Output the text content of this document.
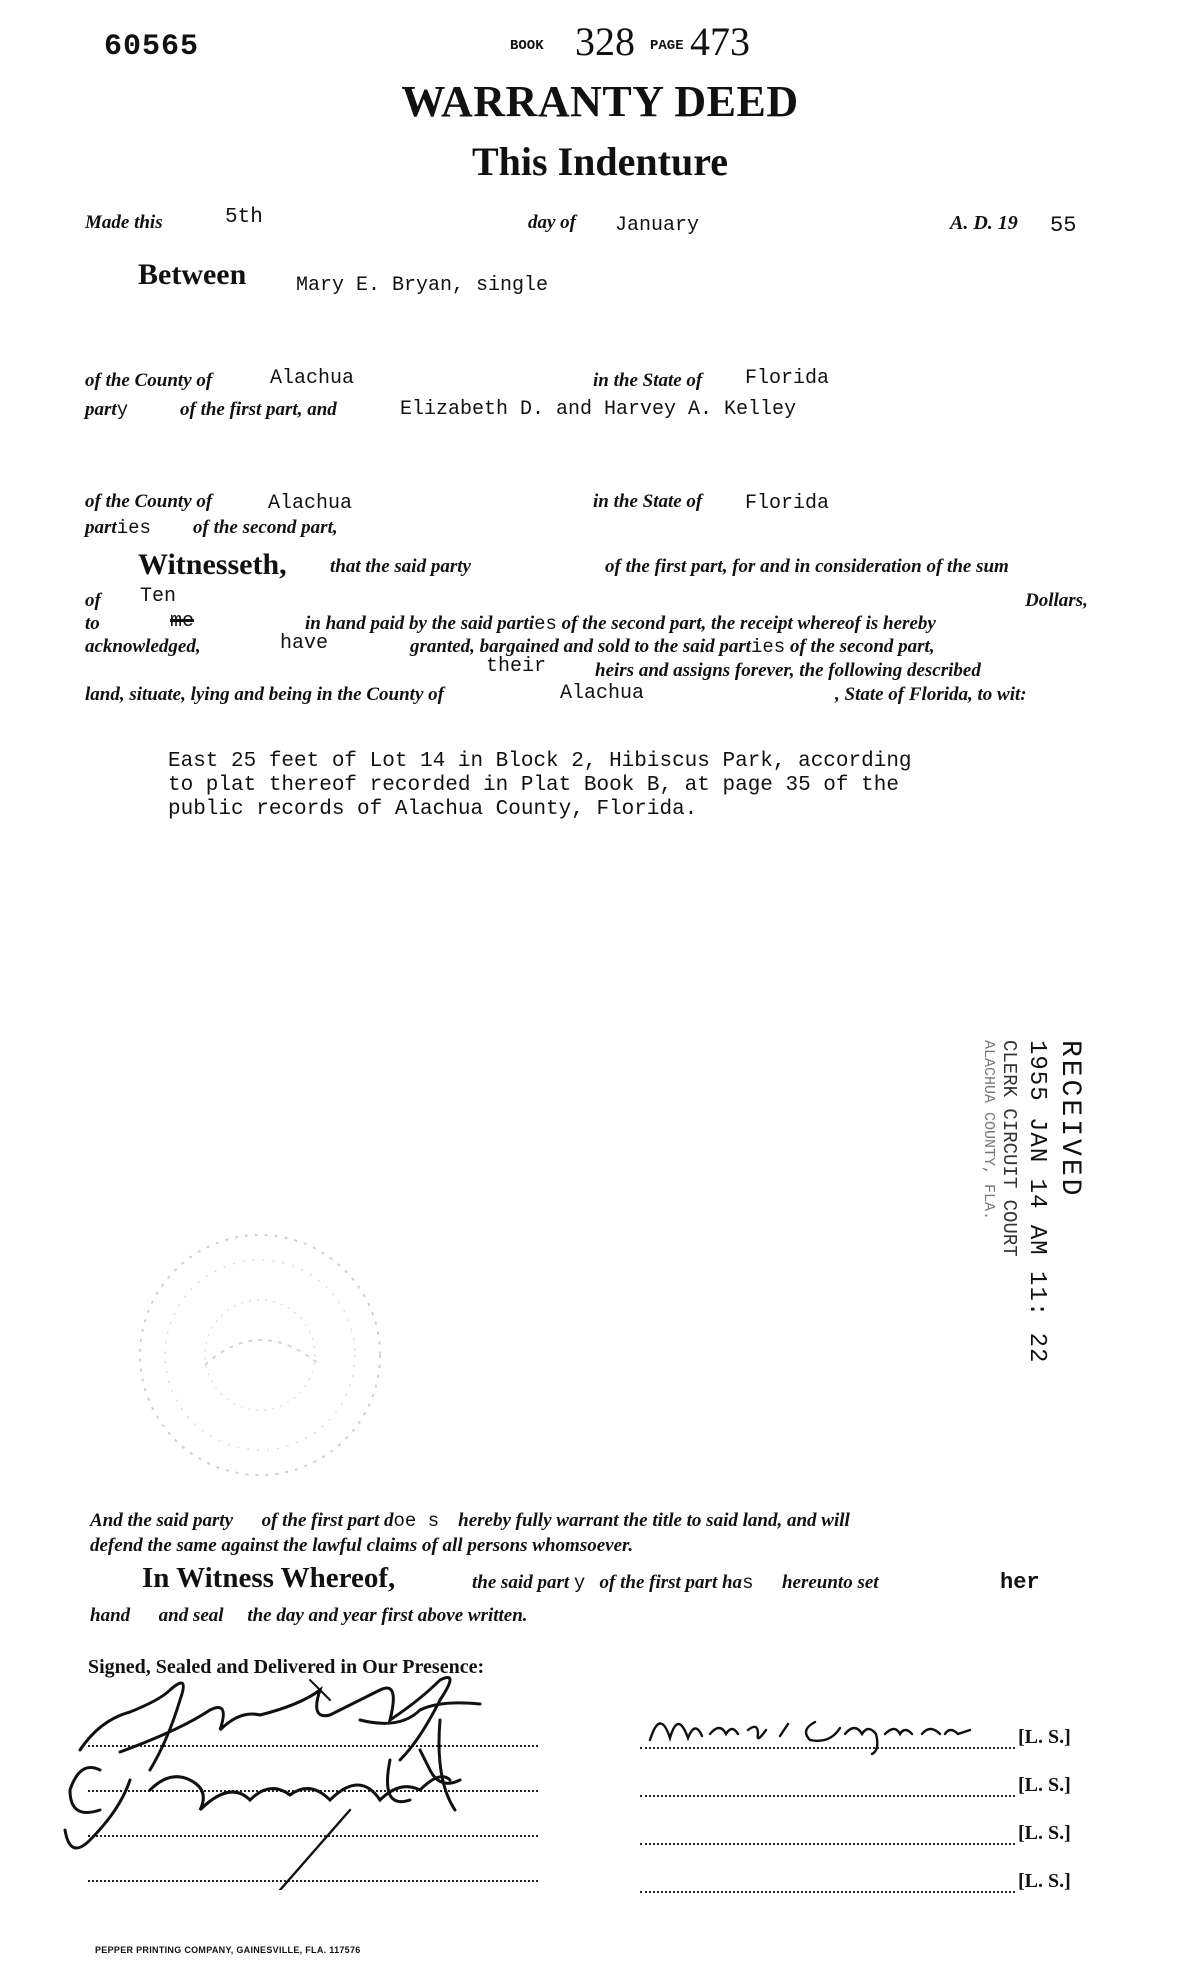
60565	BOOK 328 PAGE 473
WARRANTY DEED
This Indenture
Made this	5th	day of January	A. D. 19 55
Between Mary E. Bryan, single
of the County of	Alachua	in the State of Florida
party	of the first part, and	Elizabeth D. and Harvey A. Kelley
of the County of	Alachua	in the State of Florida
parties of the second part,
Witnesseth, that the said party	of the first part, for and in consideration of the sum
of Ten	Dollars,
to	me	in hand paid by the said parties of the second part, the receipt whereof is hereby
acknowledged,	have	granted, bargained and sold to the said parties of the second part,
their	heirs and assigns forever, the following described
land, situate, lying and being in the County of	Alachua	, State of Florida, to wit:
East 25 feet of Lot 14 in Block 2, Hibiscus Park, according
to plat thereof recorded in Plat Book B, at page 35 of the
public records of Alachua County, Florida.
RECEIVED
1955 JAN 14 AM 11: 22
CLERK CIRCUIT COURT
ALACHUA COUNTY, FLA.
And the said party of the first part doe s hereby fully warrant the title to said land, and will
defend the same against the lawful claims of all persons whomsoever.
In Witness Whereof,	the said part y of the first part has hereunto set	her
hand and seal the day and year first above written.
Signed, Sealed and Delivered in Our Presence:
[L. S.]
[L. S.]
[L. S.]
[L. S.]
PEPPER PRINTING COMPANY, GAINESVILLE, FLA. 117576
